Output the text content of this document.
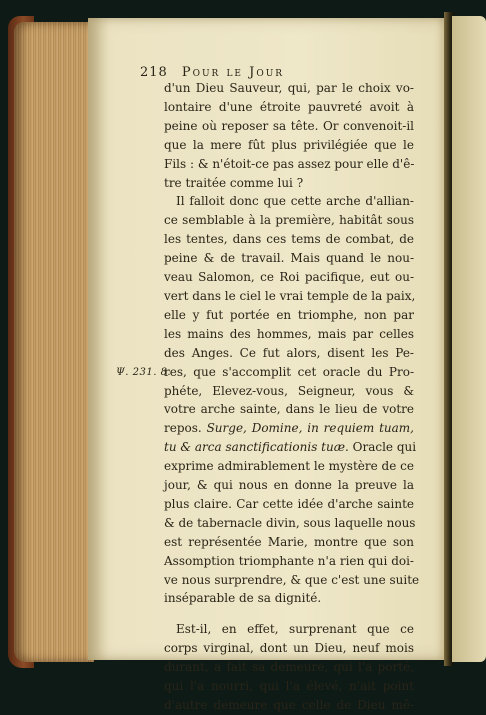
218 Pour le Jour
Ψ. 231. 8.
d'un Dieu Sauveur, qui, par le choix vo-
lontaire d'une étroite pauvreté avoit à
peine où reposer sa tête. Or convenoit-il
que la mere fût plus privilégiée que le
Fils : & n'étoit-ce pas assez pour elle d'ê-
tre traitée comme lui ?
Il falloit donc que cette arche d'allian-
ce semblable à la première, habitât sous
les tentes, dans ces tems de combat, de
peine & de travail. Mais quand le nou-
veau Salomon, ce Roi pacifique, eut ou-
vert dans le ciel le vrai temple de la paix,
elle y fut portée en triomphe, non par
les mains des hommes, mais par celles
des Anges. Ce fut alors, disent les Pe-
res, que s'accomplit cet oracle du Pro-
phéte, Elevez-vous, Seigneur, vous &
votre arche sainte, dans le lieu de votre
repos. Surge, Domine, in requiem tuam,
tu & arca sanctificationis tuæ. Oracle qui
exprime admirablement le mystère de ce
jour, & qui nous en donne la preuve la
plus claire. Car cette idée d'arche sainte
& de tabernacle divin, sous laquelle nous
est représentée Marie, montre que son
Assomption triomphante n'a rien qui doi-
ve nous surprendre, & que c'est une suite
inséparable de sa dignité.
Est-il, en effet, surprenant que ce
corps virginal, dont un Dieu, neuf mois
durant, a fait sa demeure, qui l'a porté,
qui l'a nourri, qui l'a élevé, n'ait point
d'autre demeure que celle de Dieu mê-
